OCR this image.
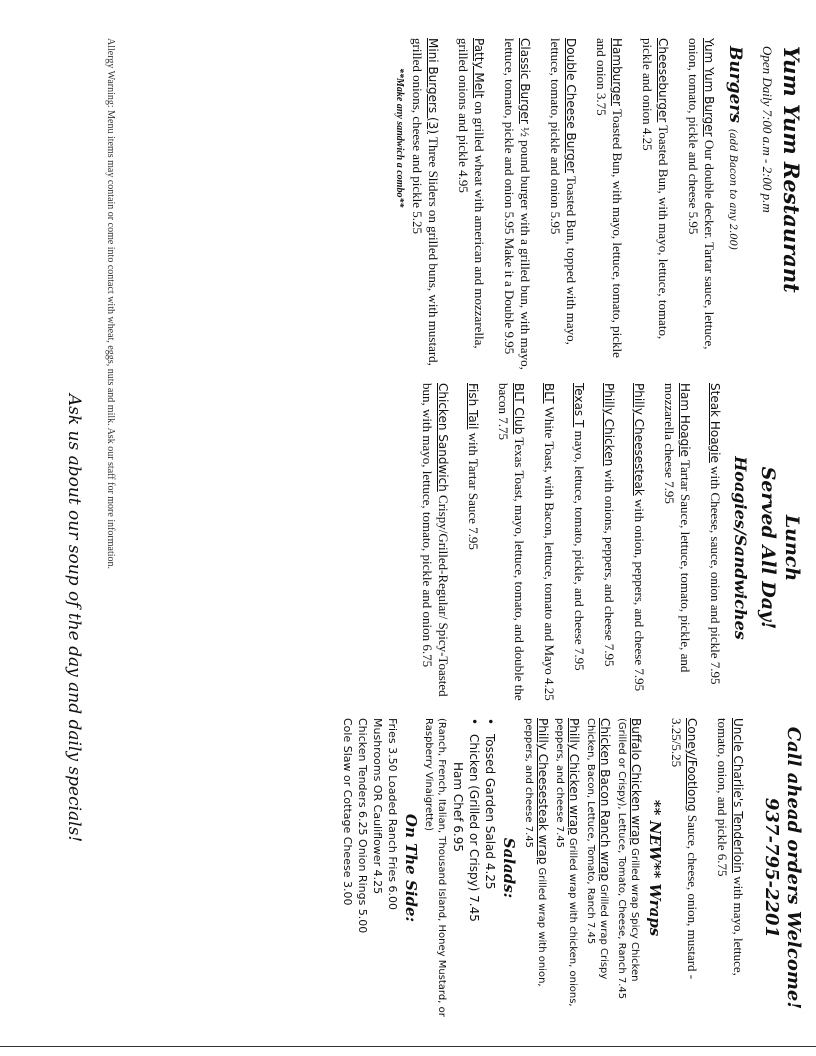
Yum Yum Restaurant
Open Daily 7:00 a.m - 2:00 p.m
Burgers (add Bacon to any 2.00)
Yum Yum Burger Our double decker. Tartar sauce, lettuce, onion, tomato, pickle and cheese 5.95
Cheeseburger Toasted Bun, with mayo, lettuce, tomato, pickle and onion 4.25
Hamburger Toasted Bun, with mayo, lettuce, tomato, pickle and onion 3.75
Double Cheese Burger Toasted Bun, topped with mayo, lettuce, tomato, pickle and onion 5.95
Classic Burger ½ pound burger with a grilled bun, with mayo, lettuce, tomato, pickle and onion 5.95 Make it a Double 9.95
Patty Melt on grilled wheat with american and mozzarella, grilled onions and pickle 4.95
Mini Burgers (3) Three Sliders on grilled buns, with mustard, grilled onions, cheese and pickle 5.25
**Make any sandwich a combo**
Lunch
Served All Day!
Hoagies/Sandwiches
Steak Hoagie with Cheese, sauce, onion and pickle 7.95
Ham Hoagie Tartar Sauce, lettuce, tomato, pickle, and mozzarella cheese 7.95
Philly Cheesesteak with onion, peppers, and cheese 7.95
Philly Chicken with onions, peppers, and cheese 7.95
Texas T mayo, lettuce, tomato, pickle, and cheese 7.95
BLT White Toast, with Bacon, lettuce, tomato and Mayo 4.25
BLT Club Texas Toast, mayo, lettuce, tomato, and double the bacon 7.75
Fish Tail with Tartar Sauce 7.95
Chicken Sandwich Crispy/Grilled-Regular/ Spicy-Toasted bun, with mayo, lettuce, tomato, pickle and onion 6.75
Call ahead orders Welcome!
937-795-2201
Uncle Charlie's Tenderloin with mayo, lettuce, tomato, onion, and pickle 6.75
Coney/Footlong Sauce, cheese, onion, mustard - 3.25/5.25
** NEW** Wraps
Buffalo Chicken wrap Grilled wrap Spicy Chicken (Grilled or Crispy), Lettuce, Tomato, Cheese, Ranch 7.45
Chicken Bacon Ranch wrap Grilled wrap Crispy Chicken, Bacon, Lettuce, Tomato, Ranch 7.45
Philly Chicken wrap Grilled wrap with chicken, onions, peppers, and cheese 7.45
Philly Cheesesteak wrap Grilled wrap with onion, peppers, and cheese 7.45
Salads:
•
Tossed Garden Salad 4.25
•
Chicken (Grilled or Crispy) 7.45
Ham Chef 6.95
(Ranch, French, Italian, Thousand Island, Honey Mustard, or Raspberry Vinaigrette)
On The Side:
Fries 3.50 Loaded Ranch Fries 6.00
Mushrooms OR Cauliflower 4.25
Chicken Tenders 6.25 Onion Rings 5.00
Cole Slaw or Cottage Cheese 3.00
Allergy Warning: Menu items may contain or come into contact with wheat, eggs, nuts and milk. Ask our staff for more information.
Ask us about our soup of the day and daily specials!
